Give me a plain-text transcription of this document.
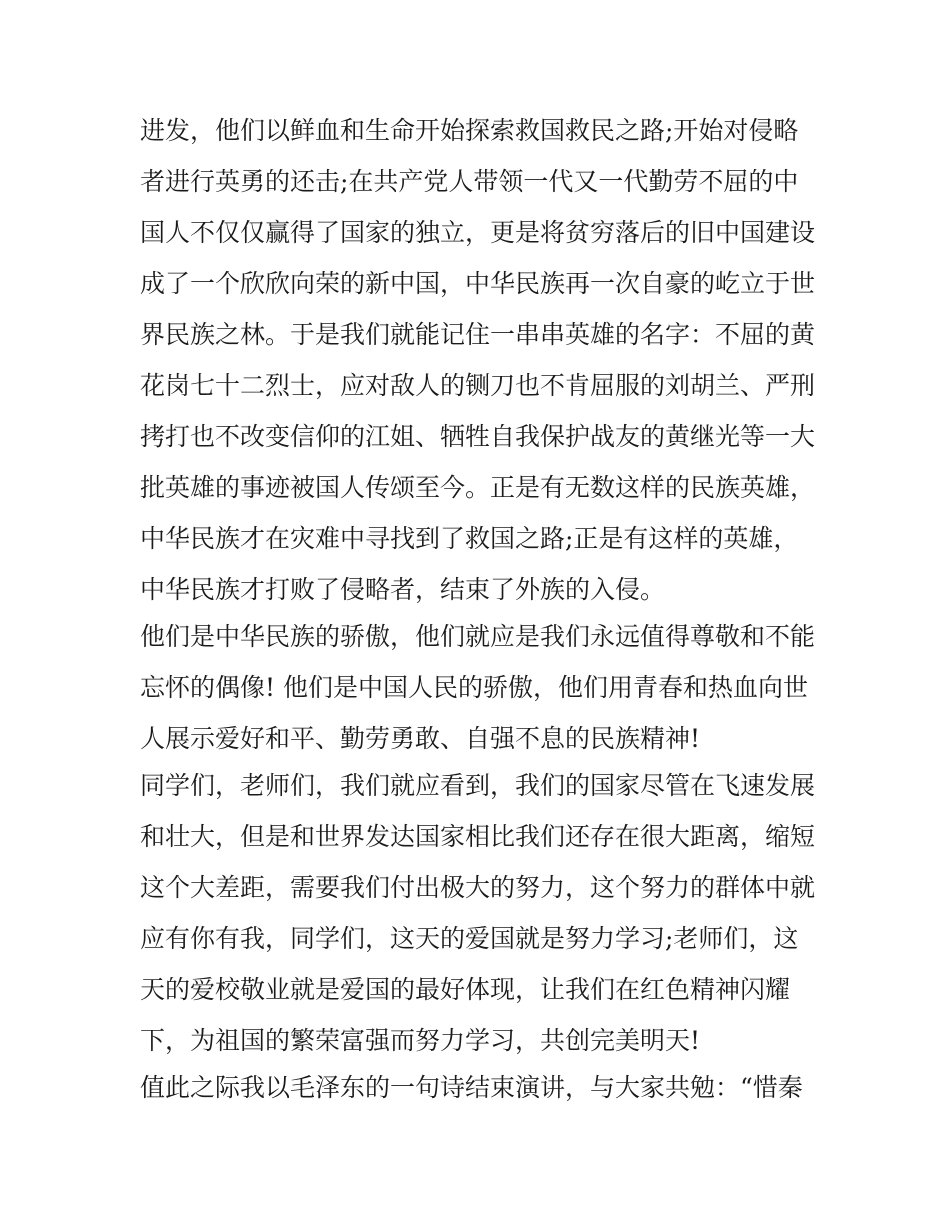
进发，他们以鲜血和生命开始探索救国救民之路;开始对侵略
者进行英勇的还击;在共产党人带领一代又一代勤劳不屈的中
国人不仅仅赢得了国家的独立，更是将贫穷落后的旧中国建设
成了一个欣欣向荣的新中国，中华民族再一次自豪的屹立于世
界民族之林。于是我们就能记住一串串英雄的名字：不屈的黄
花岗七十二烈士，应对敌人的铡刀也不肯屈服的刘胡兰、严刑
拷打也不改变信仰的江姐、牺牲自我保护战友的黄继光等一大
批英雄的事迹被国人传颂至今。正是有无数这样的民族英雄，
中华民族才在灾难中寻找到了救国之路;正是有这样的英雄，
中华民族才打败了侵略者，结束了外族的入侵。
他们是中华民族的骄傲，他们就应是我们永远值得尊敬和不能
忘怀的偶像! 他们是中国人民的骄傲，他们用青春和热血向世
人展示爱好和平、勤劳勇敢、自强不息的民族精神!
同学们，老师们，我们就应看到，我们的国家尽管在飞速发展
和壮大，但是和世界发达国家相比我们还存在很大距离，缩短
这个大差距，需要我们付出极大的努力，这个努力的群体中就
应有你有我，同学们，这天的爱国就是努力学习;老师们，这
天的爱校敬业就是爱国的最好体现，让我们在红色精神闪耀
下，为祖国的繁荣富强而努力学习，共创完美明天!
值此之际我以毛泽东的一句诗结束演讲，与大家共勉：“惜秦
